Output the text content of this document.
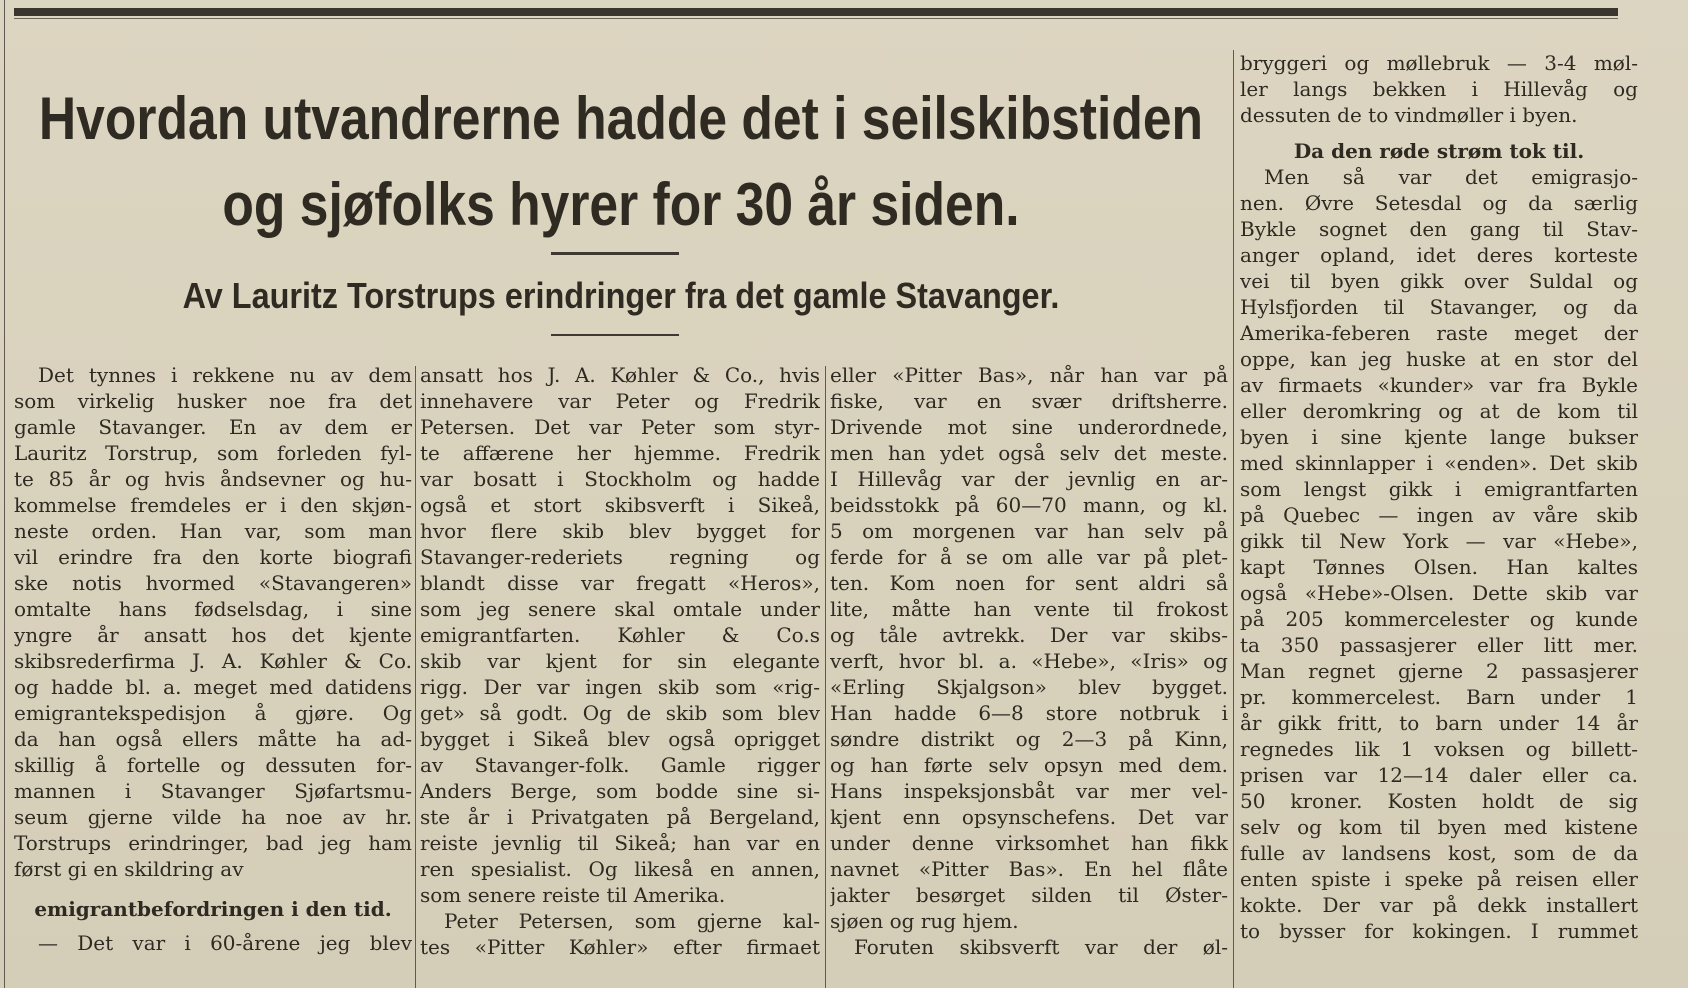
Hvordan utvandrerne hadde det i seilskibstiden
og sjøfolks hyrer for 30 år siden.
Av Lauritz Torstrups erindringer fra det gamle Stavanger.
Det tynnes i rekkene nu av dem
som virkelig husker noe fra det
gamle Stavanger. En av dem er
Lauritz Torstrup, som forleden fyl-
te 85 år og hvis åndsevner og hu-
kommelse fremdeles er i den skjøn-
neste orden. Han var, som man
vil erindre fra den korte biografi
ske notis hvormed «Stavangeren»
omtalte hans fødselsdag, i sine
yngre år ansatt hos det kjente
skibsrederfirma J. A. Køhler & Co.
og hadde bl. a. meget med datidens
emigrantekspedisjon å gjøre. Og
da han også ellers måtte ha ad-
skillig å fortelle og dessuten for-
mannen i Stavanger Sjøfartsmu-
seum gjerne vilde ha noe av hr.
Torstrups erindringer, bad jeg ham
først gi en skildring av
emigrantbefordringen i den tid.
— Det var i 60-årene jeg blev
ansatt hos J. A. Køhler & Co., hvis
innehavere var Peter og Fredrik
Petersen. Det var Peter som styr-
te affærene her hjemme. Fredrik
var bosatt i Stockholm og hadde
også et stort skibsverft i Sikeå,
hvor flere skib blev bygget for
Stavanger-rederiets regning og
blandt disse var fregatt «Heros»,
som jeg senere skal omtale under
emigrantfarten. Køhler & Co.s
skib var kjent for sin elegante
rigg. Der var ingen skib som «rig-
get» så godt. Og de skib som blev
bygget i Sikeå blev også oprigget
av Stavanger-folk. Gamle rigger
Anders Berge, som bodde sine si-
ste år i Privatgaten på Bergeland,
reiste jevnlig til Sikeå; han var en
ren spesialist. Og likeså en annen,
som senere reiste til Amerika.
Peter Petersen, som gjerne kal-
tes «Pitter Køhler» efter firmaet
eller «Pitter Bas», når han var på
fiske, var en svær driftsherre.
Drivende mot sine underordnede,
men han ydet også selv det meste.
I Hillevåg var der jevnlig en ar-
beidsstokk på 60—70 mann, og kl.
5 om morgenen var han selv på
ferde for å se om alle var på plet-
ten. Kom noen for sent aldri så
lite, måtte han vente til frokost
og tåle avtrekk. Der var skibs-
verft, hvor bl. a. «Hebe», «Iris» og
«Erling Skjalgson» blev bygget.
Han hadde 6—8 store notbruk i
søndre distrikt og 2—3 på Kinn,
og han førte selv opsyn med dem.
Hans inspeksjonsbåt var mer vel-
kjent enn opsynschefens. Det var
under denne virksomhet han fikk
navnet «Pitter Bas». En hel flåte
jakter besørget silden til Øster-
sjøen og rug hjem.
Foruten skibsverft var der øl-
bryggeri og møllebruk — 3-4 møl-
ler langs bekken i Hillevåg og
dessuten de to vindmøller i byen.
Da den røde strøm tok til.
Men så var det emigrasjo-
nen. Øvre Setesdal og da særlig
Bykle sognet den gang til Stav-
anger opland, idet deres korteste
vei til byen gikk over Suldal og
Hylsfjorden til Stavanger, og da
Amerika-feberen raste meget der
oppe, kan jeg huske at en stor del
av firmaets «kunder» var fra Bykle
eller deromkring og at de kom til
byen i sine kjente lange bukser
med skinnlapper i «enden». Det skib
som lengst gikk i emigrantfarten
på Quebec — ingen av våre skib
gikk til New York — var «Hebe»,
kapt Tønnes Olsen. Han kaltes
også «Hebe»-Olsen. Dette skib var
på 205 kommercelester og kunde
ta 350 passasjerer eller litt mer.
Man regnet gjerne 2 passasjerer
pr. kommercelest. Barn under 1
år gikk fritt, to barn under 14 år
regnedes lik 1 voksen og billett-
prisen var 12—14 daler eller ca.
50 kroner. Kosten holdt de sig
selv og kom til byen med kistene
fulle av landsens kost, som de da
enten spiste i speke på reisen eller
kokte. Der var på dekk installert
to bysser for kokingen. I rummet
